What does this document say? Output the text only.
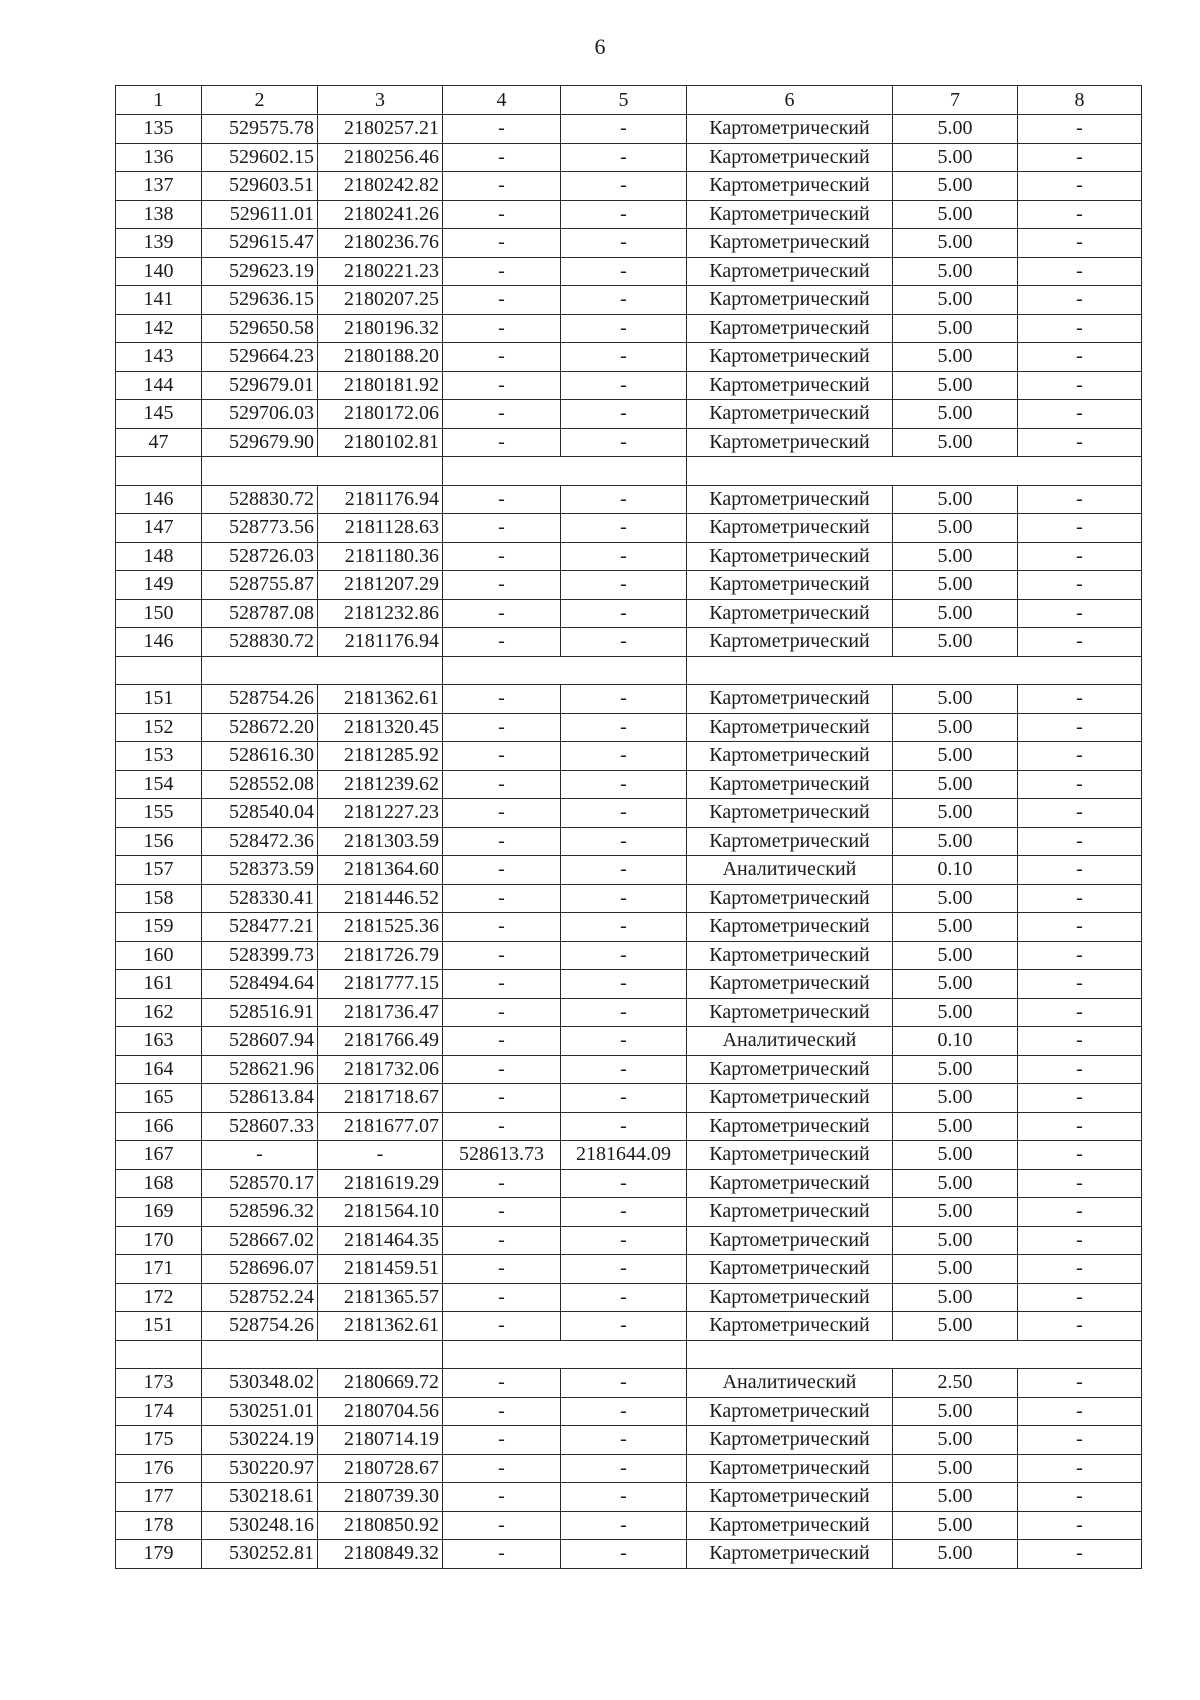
6
1	2	3	4	5	6	7	8
135	529575.78	2180257.21	-	-	Картометрический	5.00	-
136	529602.15	2180256.46	-	-	Картометрический	5.00	-
137	529603.51	2180242.82	-	-	Картометрический	5.00	-
138	529611.01	2180241.26	-	-	Картометрический	5.00	-
139	529615.47	2180236.76	-	-	Картометрический	5.00	-
140	529623.19	2180221.23	-	-	Картометрический	5.00	-
141	529636.15	2180207.25	-	-	Картометрический	5.00	-
142	529650.58	2180196.32	-	-	Картометрический	5.00	-
143	529664.23	2180188.20	-	-	Картометрический	5.00	-
144	529679.01	2180181.92	-	-	Картометрический	5.00	-
145	529706.03	2180172.06	-	-	Картометрический	5.00	-
47	529679.90	2180102.81	-	-	Картометрический	5.00	-

146	528830.72	2181176.94	-	-	Картометрический	5.00	-
147	528773.56	2181128.63	-	-	Картометрический	5.00	-
148	528726.03	2181180.36	-	-	Картометрический	5.00	-
149	528755.87	2181207.29	-	-	Картометрический	5.00	-
150	528787.08	2181232.86	-	-	Картометрический	5.00	-
146	528830.72	2181176.94	-	-	Картометрический	5.00	-

151	528754.26	2181362.61	-	-	Картометрический	5.00	-
152	528672.20	2181320.45	-	-	Картометрический	5.00	-
153	528616.30	2181285.92	-	-	Картометрический	5.00	-
154	528552.08	2181239.62	-	-	Картометрический	5.00	-
155	528540.04	2181227.23	-	-	Картометрический	5.00	-
156	528472.36	2181303.59	-	-	Картометрический	5.00	-
157	528373.59	2181364.60	-	-	Аналитический	0.10	-
158	528330.41	2181446.52	-	-	Картометрический	5.00	-
159	528477.21	2181525.36	-	-	Картометрический	5.00	-
160	528399.73	2181726.79	-	-	Картометрический	5.00	-
161	528494.64	2181777.15	-	-	Картометрический	5.00	-
162	528516.91	2181736.47	-	-	Картометрический	5.00	-
163	528607.94	2181766.49	-	-	Аналитический	0.10	-
164	528621.96	2181732.06	-	-	Картометрический	5.00	-
165	528613.84	2181718.67	-	-	Картометрический	5.00	-
166	528607.33	2181677.07	-	-	Картометрический	5.00	-
167	-	-	528613.73	2181644.09	Картометрический	5.00	-
168	528570.17	2181619.29	-	-	Картометрический	5.00	-
169	528596.32	2181564.10	-	-	Картометрический	5.00	-
170	528667.02	2181464.35	-	-	Картометрический	5.00	-
171	528696.07	2181459.51	-	-	Картометрический	5.00	-
172	528752.24	2181365.57	-	-	Картометрический	5.00	-
151	528754.26	2181362.61	-	-	Картометрический	5.00	-

173	530348.02	2180669.72	-	-	Аналитический	2.50	-
174	530251.01	2180704.56	-	-	Картометрический	5.00	-
175	530224.19	2180714.19	-	-	Картометрический	5.00	-
176	530220.97	2180728.67	-	-	Картометрический	5.00	-
177	530218.61	2180739.30	-	-	Картометрический	5.00	-
178	530248.16	2180850.92	-	-	Картометрический	5.00	-
179	530252.81	2180849.32	-	-	Картометрический	5.00	-
